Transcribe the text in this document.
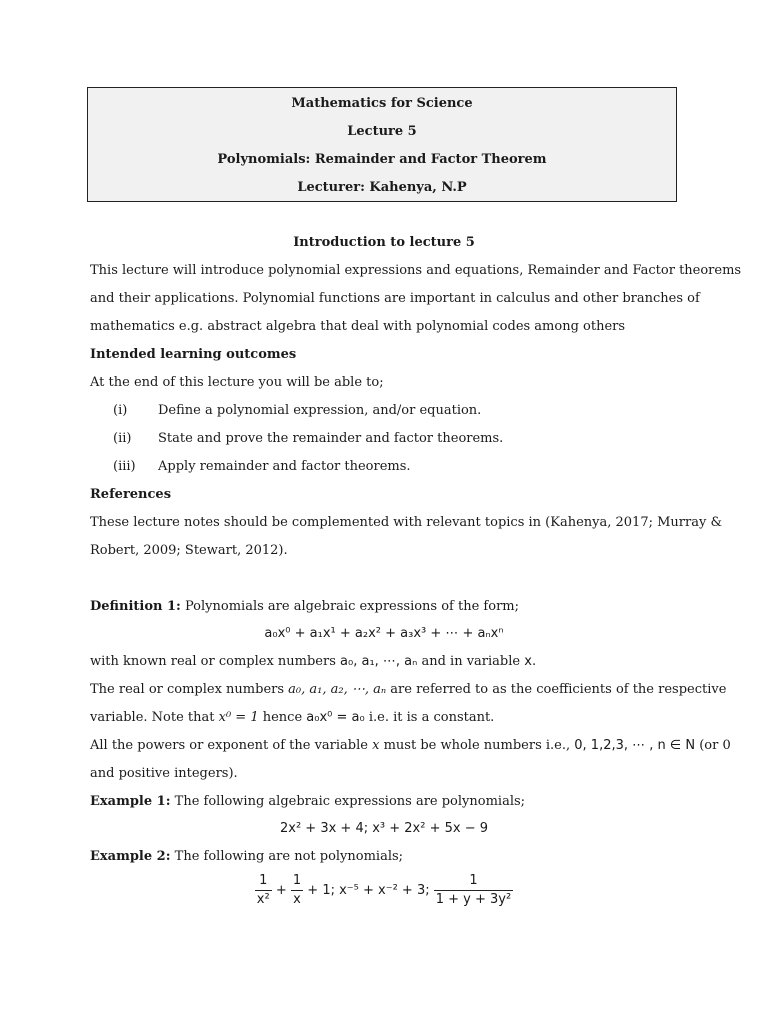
Mathematics for Science
Lecture 5
Polynomials: Remainder and Factor Theorem
Lecturer: Kahenya, N.P
Introduction to lecture 5
This lecture will introduce polynomial expressions and equations, Remainder and Factor theorems
and their applications. Polynomial functions are important in calculus and other branches of
mathematics e.g. abstract algebra that deal with polynomial codes among others
Intended learning outcomes
At the end of this lecture you will be able to;
(i) Define a polynomial expression, and/or equation.
(ii) State and prove the remainder and factor theorems.
(iii) Apply remainder and factor theorems.
References
These lecture notes should be complemented with relevant topics in (Kahenya, 2017; Murray &
Robert, 2009; Stewart, 2012).
Definition 1: Polynomials are algebraic expressions of the form;
a₀x⁰ + a₁x¹ + a₂x² + a₃x³ + ⋯ + aₙxⁿ
with known real or complex numbers a₀, a₁, ⋯, aₙ and in variable x.
The real or complex numbers a₀, a₁, a₂, ⋯, aₙ are referred to as the coefficients of the respective
variable. Note that x⁰ = 1 hence a₀x⁰ = a₀ i.e. it is a constant.
All the powers or exponent of the variable x must be whole numbers i.e., 0, 1,2,3, ⋯ , n ∈ N (or 0
and positive integers).
Example 1: The following algebraic expressions are polynomials;
2x² + 3x + 4; x³ + 2x² + 5x − 9
Example 2: The following are not polynomials;
$\frac{1}{\text{x²}} + \frac{1}{x} + 1$; x⁻⁵ + x⁻² + 3; $\frac{1}{\text{1 + y + 3y²}}$
